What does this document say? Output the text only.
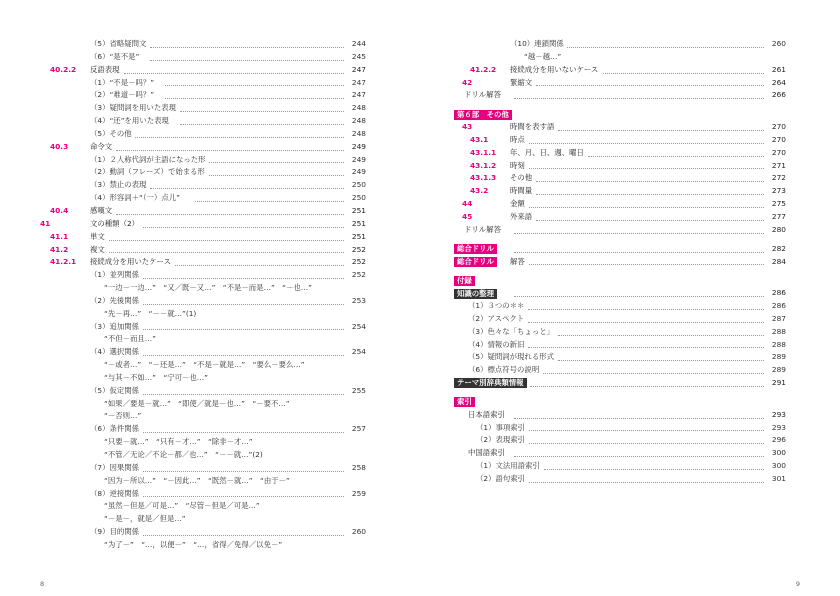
（5）省略疑問文	244
（6）“是不是”	245
40.2.2 反語表現	247
（1）“不是－吗？”	247
（2）“难道－吗？”	247
（3）疑問詞を用いた表現	248
（4）“还”を用いた表現	248
（5）その他	248
40.3	命令文	249
（1）２人称代詞が主語になった形	249
（2）動詞（フレーズ）で始まる形	249
（3）禁止の表現	250
（4）形容詞＋“（一）点儿”	250
40.4	感嘆文	251
41	文の種類（2）	251
41.1	単文	251
41.2	複文	252
41.2.1 接続成分を用いたケース	252
（1）並列関係	252
“一边－一边…”　“又／既－又…”　“不是－而是…”　“－也…”
（2）先後関係	253
“先－再…”　“－－就…”(1)
（3）追加関係	254
“不但－而且…”
（4）選択関係	254
“－或者…”　“－还是…”　“不是－就是…”　“要么－要么…”
“与其－不如…”　“宁可－也…”
（5）仮定関係	255
“如果／要是－就…”　“即使／就是－也…”　“－要不…”
“－否则…”
（6）条件関係	257
“只要－就…”　“只有－才…”　“除非－才…”
“不管／无论／不论－都／也…”　“－－就…”(2)
（7）因果関係	258
“因为－所以…”　“－因此…”　“既然－就…”　“由于－”
（8）逆接関係	259
“虽然－但是／可是…”　“尽管－但是／可是…”
“－是－，就是／但是…”
（9）目的関係	260
“为了－”　“…，以便－”　“…，省得／免得／以免－”
（10）連鎖関係	260
“越－越…”
41.2.2 接続成分を用いないケース	261
42	緊縮文	264
ドリル解答	266
第６部　その他
43	時間を表す語	270
43.1	時点	270
43.1.1 年、月、日、週、曜日	270
43.1.2 時刻	271
43.1.3 その他	272
43.2	時間量	273
44	金額	275
45	外来語	277
ドリル解答	280
総合ドリル	282
総合ドリル	解答	284
付録
知識の整理	286
（1）３つの＊＊	286
（2）アスペクト	287
（3）色々な「ちょっと」	288
（4）情報の新旧	288
（5）疑問詞が現れる形式	289
（6）標点符号の説明	289
テーマ別辞典類情報	291
索引
日本語索引	293
（1）事項索引	293
（2）表現索引	296
中国語索引	300
（1）文法用語索引	300
（2）語句索引	301
8	9
